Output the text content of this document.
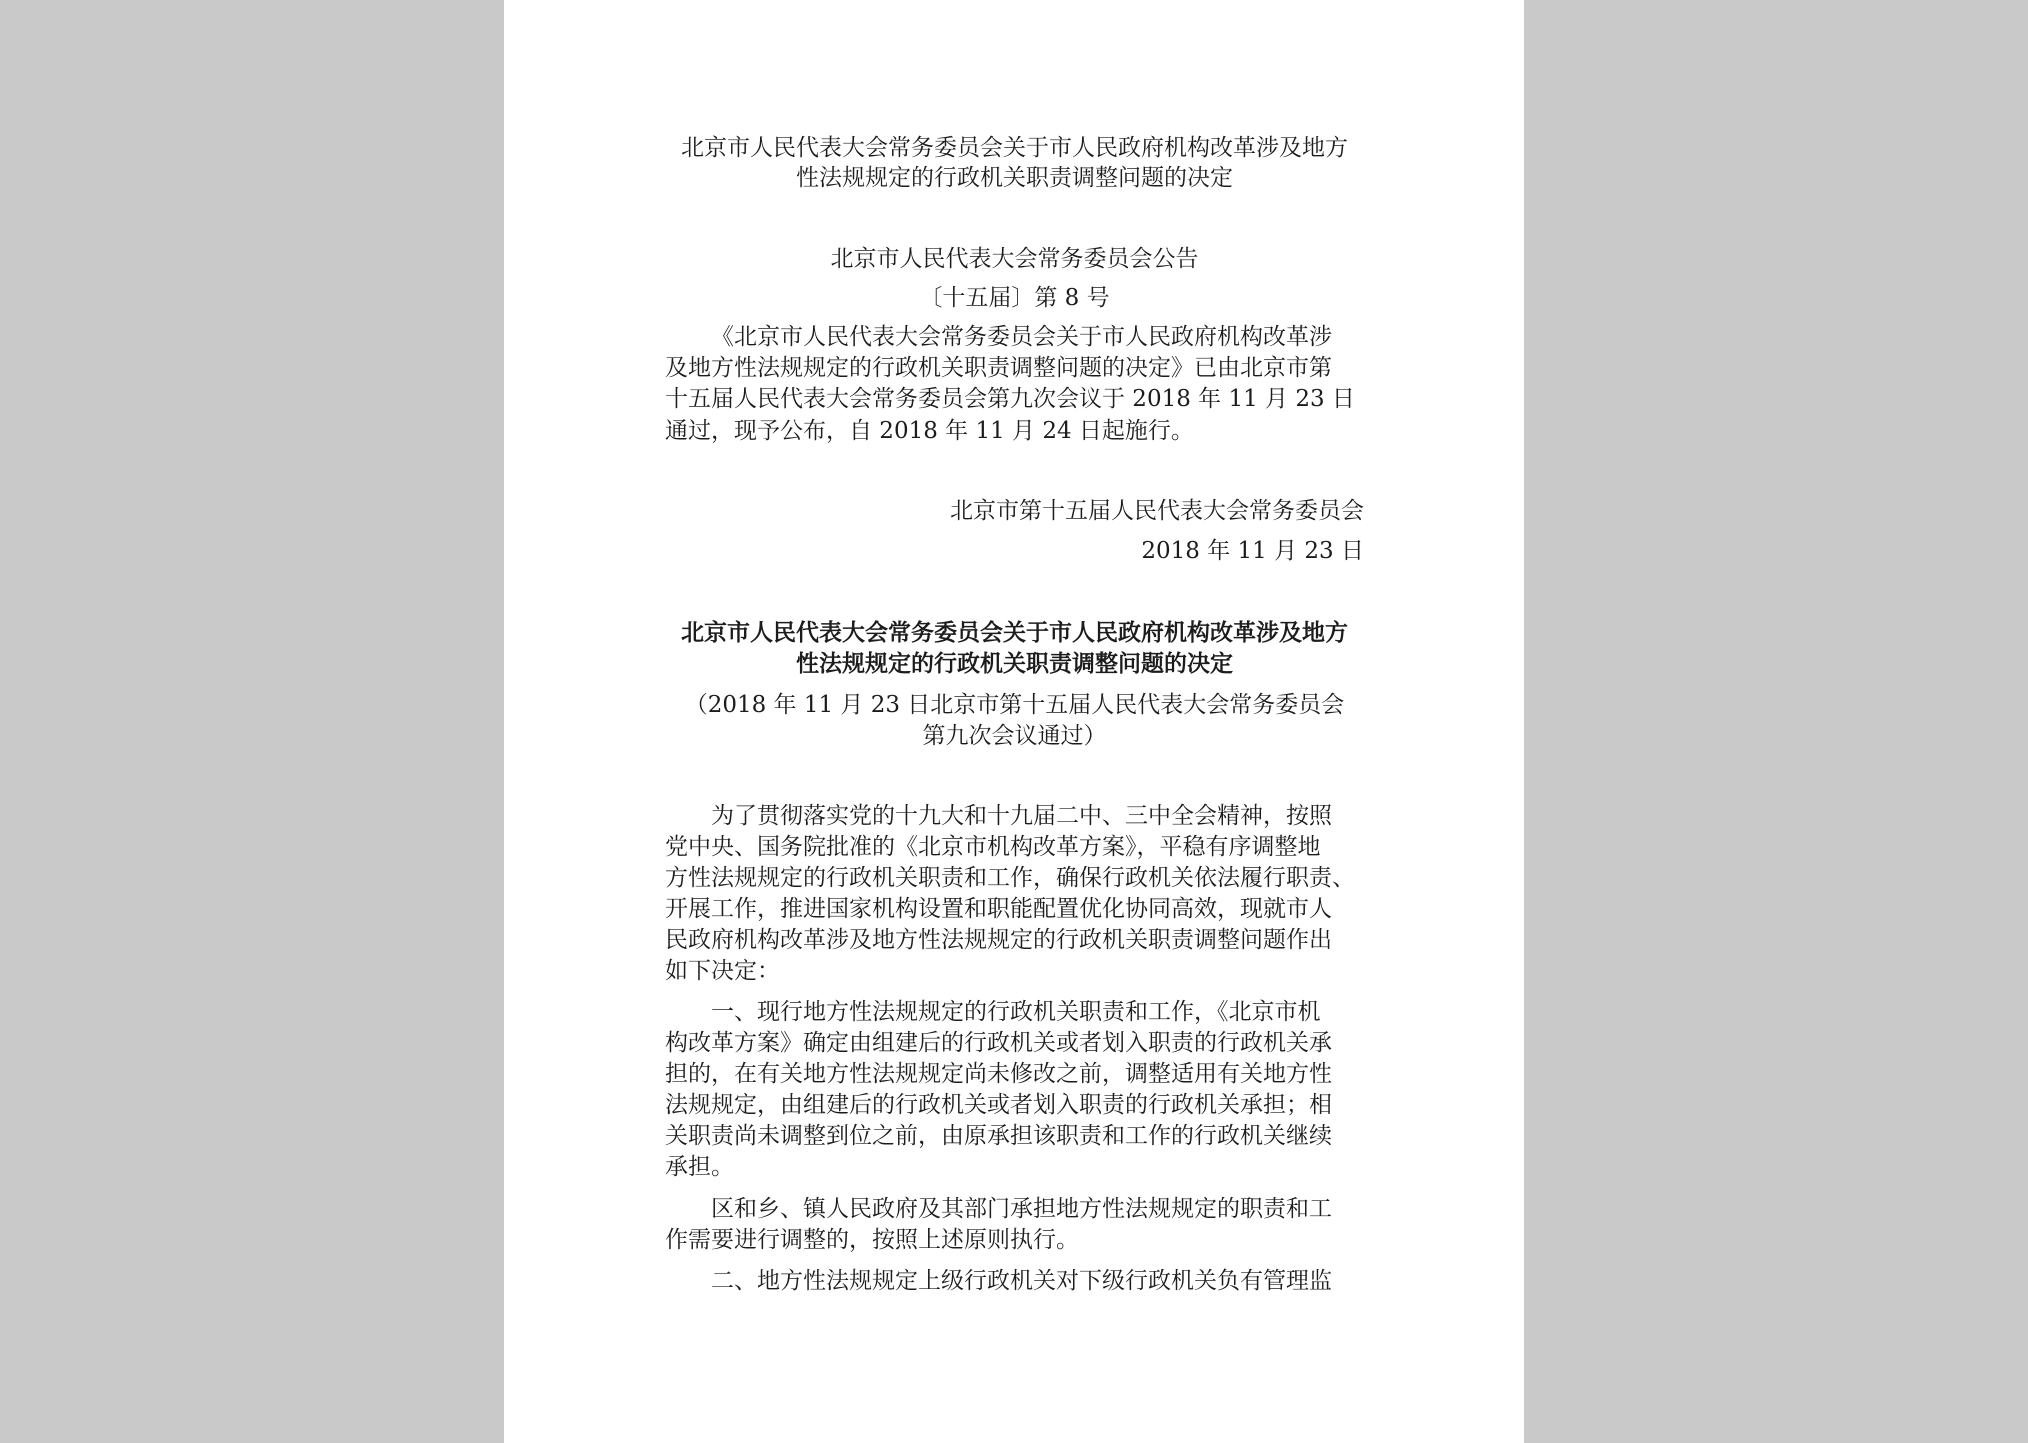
北京市人民代表大会常务委员会关于市人民政府机构改革涉及地方
性法规规定的行政机关职责调整问题的决定
北京市人民代表大会常务委员会公告
〔十五届〕第 8 号
《北京市人民代表大会常务委员会关于市人民政府机构改革涉
及地方性法规规定的行政机关职责调整问题的决定》已由北京市第
十五届人民代表大会常务委员会第九次会议于 2018 年 11 月 23 日
通过，现予公布，自 2018 年 11 月 24 日起施行。
北京市第十五届人民代表大会常务委员会
2018 年 11 月 23 日
北京市人民代表大会常务委员会关于市人民政府机构改革涉及地方
性法规规定的行政机关职责调整问题的决定
（2018 年 11 月 23 日北京市第十五届人民代表大会常务委员会
第九次会议通过）
为了贯彻落实党的十九大和十九届二中、三中全会精神，按照
党中央、国务院批准的《北京市机构改革方案》，平稳有序调整地
方性法规规定的行政机关职责和工作，确保行政机关依法履行职责、
开展工作，推进国家机构设置和职能配置优化协同高效，现就市人
民政府机构改革涉及地方性法规规定的行政机关职责调整问题作出
如下决定：
一、现行地方性法规规定的行政机关职责和工作，《北京市机
构改革方案》确定由组建后的行政机关或者划入职责的行政机关承
担的，在有关地方性法规规定尚未修改之前，调整适用有关地方性
法规规定，由组建后的行政机关或者划入职责的行政机关承担；相
关职责尚未调整到位之前，由原承担该职责和工作的行政机关继续
承担。
区和乡、镇人民政府及其部门承担地方性法规规定的职责和工
作需要进行调整的，按照上述原则执行。
二、地方性法规规定上级行政机关对下级行政机关负有管理监
